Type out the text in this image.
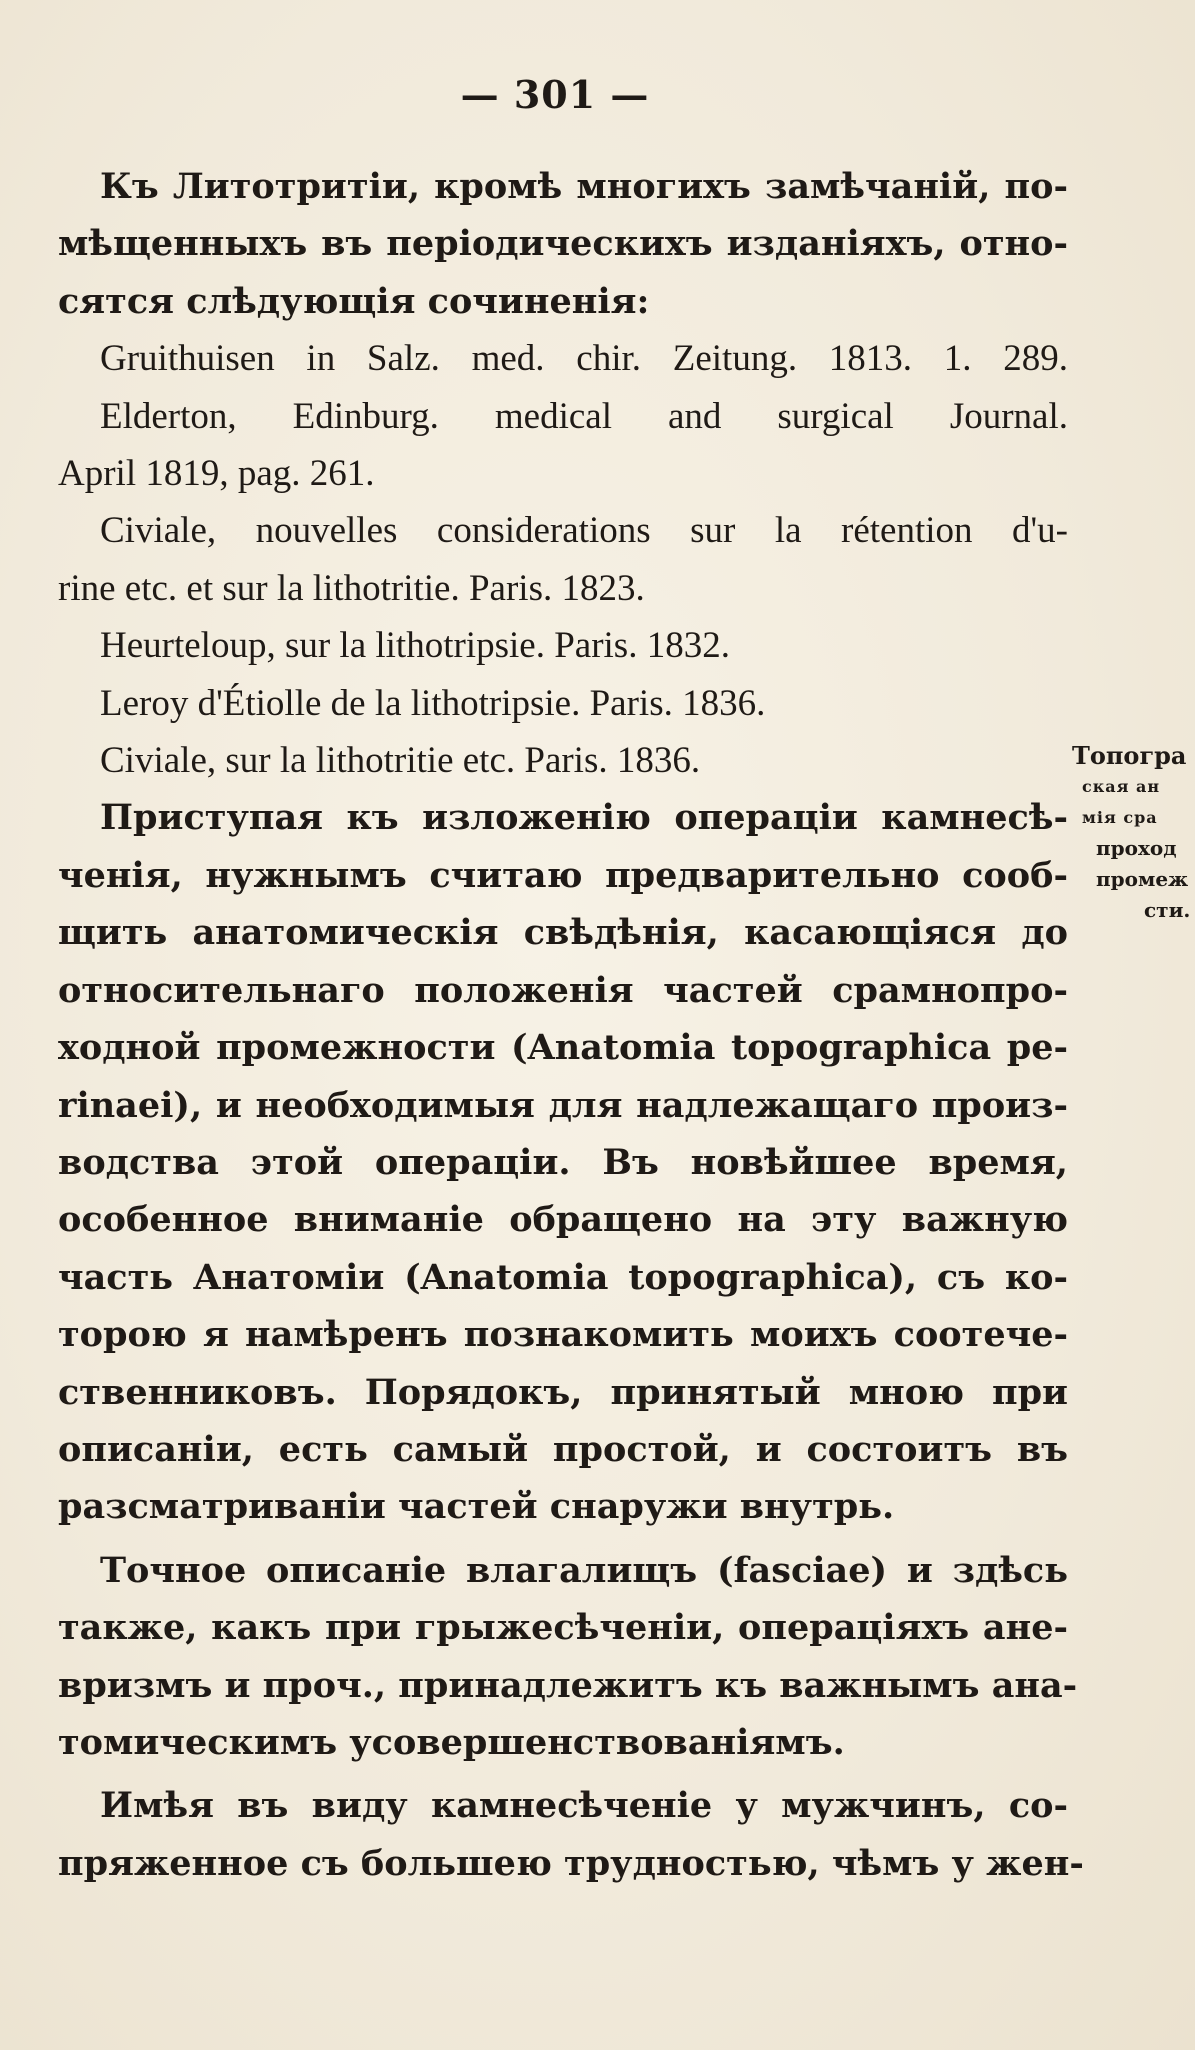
— 301 —
Топогра
ская ан
мія срa
проход
промеж
сти.

Къ Литотритіи, кромѣ многихъ замѣчаній, по-
мѣщенныхъ въ періодическихъ изданіяхъ, отно-
сятся слѣдующія сочиненія:

Gruithuisen in Salz. med. chir. Zeitung. 1813. 1. 289.
Elderton, Edinburg. medical and surgical Journal.
April 1819, pag. 261.
Civiale, nouvelles considerations sur la rétention d'u-
rine etc. et sur la lithotritie. Paris. 1823.
Heurteloup, sur la lithotripsie. Paris. 1832.
Leroy d'Étiolle de la lithotripsie. Paris. 1836.
Civiale, sur la lithotritie etc. Paris. 1836.

Приступая къ изложенію операціи камнесѣ-
ченія, нужнымъ считаю предварительно сооб-
щить анатомическія свѣдѣнія, касающіяся до
относительнаго положенія частей срамнопро-
ходной промежности (Anatomia topographica pe-
rinaei), и необходимыя для надлежащаго произ-
водства этой операціи. Въ новѣйшее время,
особенное вниманіе обращено на эту важную
часть Анатоміи (Anatomia topographica), съ ко-
торою я намѣренъ познакомить моихъ соотече-
ственниковъ. Порядокъ, принятый мною при
описаніи, есть самый простой, и состоитъ въ
разсматриваніи частей снаружи внутрь.

Точное описаніе влагалищъ (fasciae) и здѣсь
также, какъ при грыжесѣченіи, операціяхъ ане-
вризмъ и проч., принадлежитъ къ важнымъ ана-
томическимъ усовершенствованіямъ.

Имѣя въ виду камнесѣченіе у мужчинъ, со-
пряженное съ большею трудностью, чѣмъ у жен-
